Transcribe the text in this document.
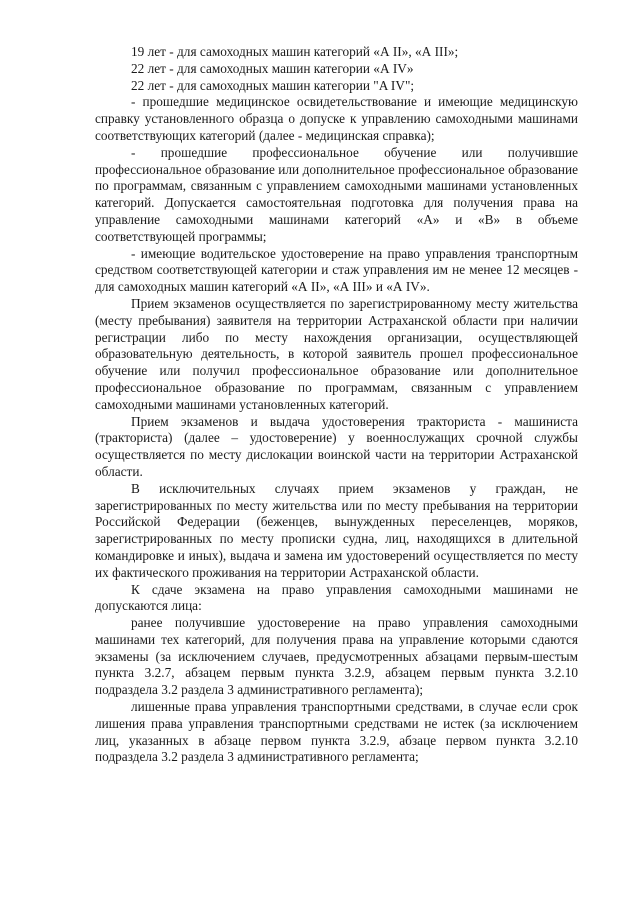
19 лет - для самоходных машин категорий «А II», «А III»;

22 лет - для самоходных машин категории «А IV»

22 лет - для самоходных машин категории "A IV";

- прошедшие медицинское освидетельствование и имеющие медицинскую справку установленного образца о допуске к управлению самоходными машинами соответствующих категорий (далее - медицинская справка);

- прошедшие профессиональное обучение или получившие профессиональное образование или дополнительное профессиональное образование по программам, связанным с управлением самоходными машинами установленных категорий. Допускается самостоятельная подготовка для получения права на управление самоходными машинами категорий «А» и «В» в объеме соответствующей программы;

- имеющие водительское удостоверение на право управления транспортным средством соответствующей категории и стаж управления им не менее 12 месяцев - для самоходных машин категорий «А II», «А III» и «А IV».

Прием экзаменов осуществляется по зарегистрированному месту жительства (месту пребывания) заявителя на территории Астраханской области при наличии регистрации либо по месту нахождения организации, осуществляющей образовательную деятельность, в которой заявитель прошел профессиональное обучение или получил профессиональное образование или дополнительное профессиональное образование по программам, связанным с управлением самоходными машинами установленных категорий.

Прием экзаменов и выдача удостоверения тракториста - машиниста (тракториста) (далее – удостоверение) у военнослужащих срочной службы осуществляется по месту дислокации воинской части на территории Астраханской области.

В исключительных случаях прием экзаменов у граждан, не зарегистрированных по месту жительства или по месту пребывания на территории Российской Федерации (беженцев, вынужденных переселенцев, моряков, зарегистрированных по месту прописки судна, лиц, находящихся в длительной командировке и иных), выдача и замена им удостоверений осуществляется по месту их фактического проживания на территории Астраханской области.

К сдаче экзамена на право управления самоходными машинами не допускаются лица:

ранее получившие удостоверение на право управления самоходными машинами тех категорий, для получения права на управление которыми сдаются экзамены (за исключением случаев, предусмотренных абзацами первым-шестым пункта 3.2.7, абзацем первым пункта 3.2.9, абзацем первым пункта 3.2.10 подраздела 3.2 раздела 3 административного регламента);

лишенные права управления транспортными средствами, в случае если срок лишения права управления транспортными средствами не истек (за исключением лиц, указанных в абзаце первом пункта 3.2.9, абзаце первом пункта 3.2.10 подраздела 3.2 раздела 3 административного регламента;
